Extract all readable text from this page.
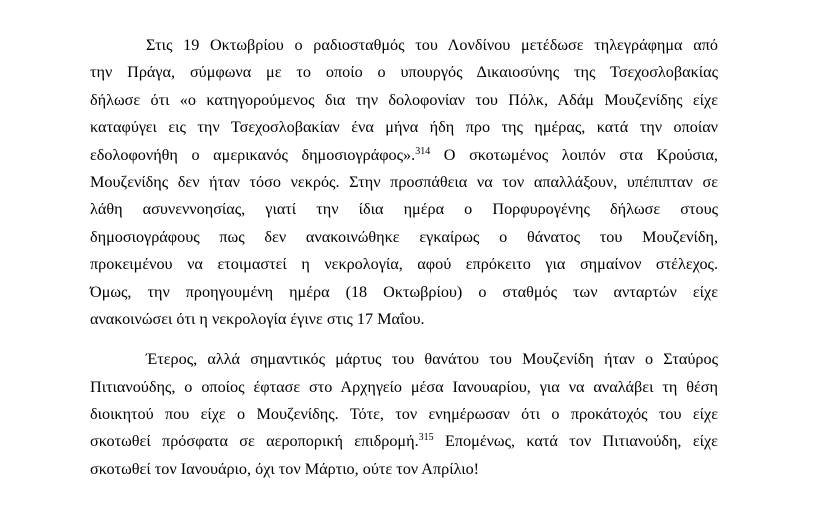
Στις 19 Οκτωβρίου ο ραδιοσταθμός του Λονδίνου μετέδωσε τηλεγράφημα από
την Πράγα, σύμφωνα με το οποίο ο υπουργός Δικαιοσύνης της Τσεχοσλοβακίας
δήλωσε ότι «ο κατηγορούμενος δια την δολοφονίαν του Πόλκ, Αδάμ Μουζενίδης είχε
καταφύγει εις την Τσεχοσλοβακίαν ένα μήνα ήδη προ της ημέρας, κατά την οποίαν
εδολοφονήθη ο αμερικανός δημοσιογράφος».$^{314}$ Ο σκοτωμένος λοιπόν στα Κρούσια,
Μουζενίδης δεν ήταν τόσο νεκρός. Στην προσπάθεια να τον απαλλάξουν, υπέπιπταν σε
λάθη ασυνεννοησίας, γιατί την ίδια ημέρα ο Πορφυρογένης δήλωσε στους
δημοσιογράφους πως δεν ανακοινώθηκε εγκαίρως ο θάνατος του Μουζενίδη,
προκειμένου να ετοιμαστεί η νεκρολογία, αφού επρόκειτο για σημαίνον στέλεχος.
Όμως, την προηγουμένη ημέρα (18 Οκτωβρίου) ο σταθμός των ανταρτών είχε
ανακοινώσει ότι η νεκρολογία έγινε στις 17 Μαΐου.

Έτερος, αλλά σημαντικός μάρτυς του θανάτου του Μουζενίδη ήταν ο Σταύρος
Πιτιανούδης, ο οποίος έφτασε στο Αρχηγείο μέσα Ιανουαρίου, για να αναλάβει τη θέση
διοικητού που είχε ο Μουζενίδης. Τότε, τον ενημέρωσαν ότι ο προκάτοχός του είχε
σκοτωθεί πρόσφατα σε αεροπορική επιδρομή.$^{315}$ Επομένως, κατά τον Πιτιανούδη, είχε
σκοτωθεί τον Ιανουάριο, όχι τον Μάρτιο, ούτε τον Απρίλιο!
